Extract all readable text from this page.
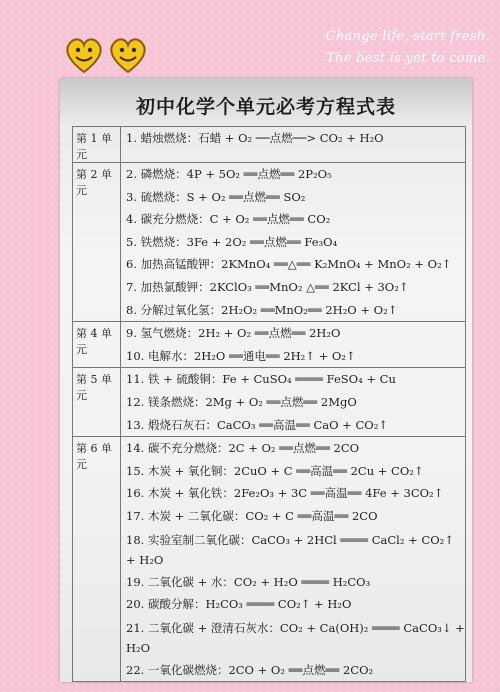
Change life, start fresh.
The best is yet to come.
初中化学个单元必考方程式表
第 1 单元
1. 蜡烛燃烧：石蜡 + O₂ ──点燃──> CO₂ + H₂O
第 2 单元
2. 磷燃烧：4P + 5O₂ ══点燃══ 2P₂O₅
3. 硫燃烧：S + O₂ ══点燃══ SO₂
4. 碳充分燃烧：C + O₂ ══点燃══ CO₂
5. 铁燃烧：3Fe + 2O₂ ══点燃══ Fe₃O₄
6. 加热高锰酸钾：2KMnO₄ ══△══ K₂MnO₄ + MnO₂ + O₂↑
7. 加热氯酸钾：2KClO₃ ══MnO₂ △══ 2KCl + 3O₂↑
8. 分解过氧化氢：2H₂O₂ ══MnO₂══ 2H₂O + O₂↑
第 4 单元
9. 氢气燃烧：2H₂ + O₂ ══点燃══ 2H₂O
10. 电解水：2H₂O ══通电══ 2H₂↑ + O₂↑
第 5 单元
11. 铁 + 硫酸铜：Fe + CuSO₄ ════ FeSO₄ + Cu
12. 镁条燃烧：2Mg + O₂ ══点燃══ 2MgO
13. 煅烧石灰石：CaCO₃ ══高温══ CaO + CO₂↑
第 6 单元
14. 碳不充分燃烧：2C + O₂ ══点燃══ 2CO
15. 木炭 + 氧化铜：2CuO + C ══高温══ 2Cu + CO₂↑
16. 木炭 + 氧化铁：2Fe₂O₃ + 3C ══高温══ 4Fe + 3CO₂↑
17. 木炭 + 二氧化碳：CO₂ + C ══高温══ 2CO
18. 实验室制二氧化碳：CaCO₃ + 2HCl ════ CaCl₂ + CO₂↑ + H₂O
19. 二氧化碳 + 水：CO₂ + H₂O ════ H₂CO₃
20. 碳酸分解：H₂CO₃ ════ CO₂↑ + H₂O
21. 二氧化碳 + 澄清石灰水：CO₂ + Ca(OH)₂ ════ CaCO₃↓ + H₂O
22. 一氧化碳燃烧：2CO + O₂ ══点燃══ 2CO₂
